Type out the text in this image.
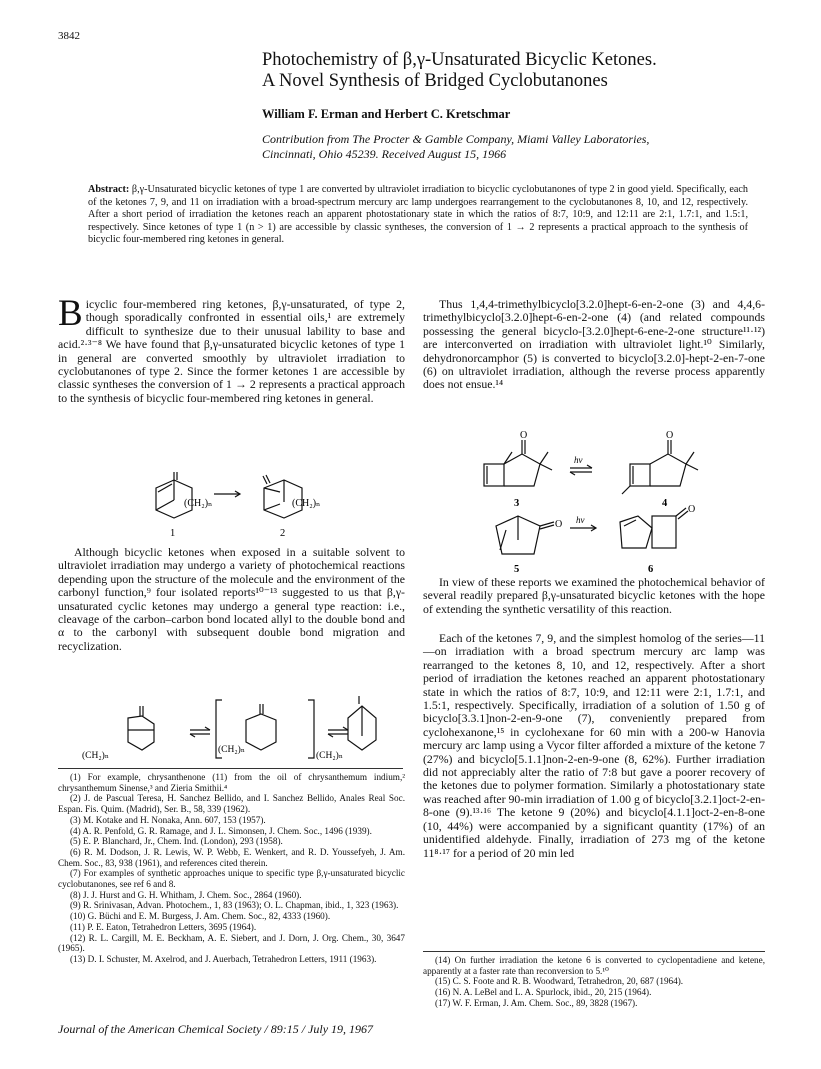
3842
Photochemistry of β,γ-Unsaturated Bicyclic Ketones.
A Novel Synthesis of Bridged Cyclobutanones
William F. Erman and Herbert C. Kretschmar
Contribution from The Procter & Gamble Company, Miami Valley Laboratories,
Cincinnati, Ohio 45239. Received August 15, 1966
Abstract: β,γ-Unsaturated bicyclic ketones of type 1 are converted by ultraviolet irradiation to bicyclic cyclobutanones of type 2 in good yield. Specifically, each of the ketones 7, 9, and 11 on irradiation with a broad-spectrum mercury arc lamp undergoes rearrangement to the cyclobutanones 8, 10, and 12, respectively. After a short period of irradiation the ketones reach an apparent photostationary state in which the ratios of 8:7, 10:9, and 12:11 are 2:1, 1.7:1, and 1.5:1, respectively. Since ketones of type 1 (n > 1) are accessible by classic syntheses, the conversion of 1 → 2 represents a practical approach to the synthesis of bicyclic four-membered ring ketones in general.
Bicyclic four-membered ring ketones, β,γ-unsaturated, of type 2, though sporadically confronted in essential oils,¹ are extremely difficult to synthesize due to their unusual lability to base and acid.²·³⁻⁸ We have found that β,γ-unsaturated bicyclic ketones of type 1 in general are converted smoothly by ultraviolet irradiation to cyclobutanones of type 2. Since the former ketones 1 are accessible by classic syntheses the conversion of 1 → 2 represents a practical approach to the synthesis of bicyclic four-membered ring ketones in general.
(CH₂)ₙ	(CH₂)ₙ
1	2
Although bicyclic ketones when exposed in a suitable solvent to ultraviolet irradiation may undergo a variety of photochemical reactions depending upon the structure of the molecule and the environment of the carbonyl function,⁹ four isolated reports¹⁰⁻¹³ suggested to us that β,γ-unsaturated cyclic ketones may undergo a general type reaction: i.e., cleavage of the carbon–carbon bond located allyl to the double bond and α to the carbonyl with subsequent double bond migration and recyclization.
(CH₂)ₙ
(CH₂)ₙ
(CH₂)ₙ

(1) For example, chrysanthenone (11) from the oil of chrysanthemum indium,² chrysanthemum Sinense,³ and Zieria Smithii.⁴

(2) J. de Pascual Teresa, H. Sanchez Bellido, and I. Sanchez Bellido, Anales Real Soc. Espan. Fis. Quim. (Madrid), Ser. B., 58, 339 (1962).

(3) M. Kotake and H. Nonaka, Ann. 607, 153 (1957).

(4) A. R. Penfold, G. R. Ramage, and J. L. Simonsen, J. Chem. Soc., 1496 (1939).

(5) E. P. Blanchard, Jr., Chem. Ind. (London), 293 (1958).

(6) R. M. Dodson, J. R. Lewis, W. P. Webb, E. Wenkert, and R. D. Youssefyeh, J. Am. Chem. Soc., 83, 938 (1961), and references cited therein.

(7) For examples of synthetic approaches unique to specific type β,γ-unsaturated bicyclic cyclobutanones, see ref 6 and 8.

(8) J. J. Hurst and G. H. Whitham, J. Chem. Soc., 2864 (1960).

(9) R. Srinivasan, Advan. Photochem., 1, 83 (1963); O. L. Chapman, ibid., 1, 323 (1963).

(10) G. Büchi and E. M. Burgess, J. Am. Chem. Soc., 82, 4333 (1960).

(11) P. E. Eaton, Tetrahedron Letters, 3695 (1964).

(12) R. L. Cargill, M. E. Beckham, A. E. Siebert, and J. Dorn, J. Org. Chem., 30, 3647 (1965).

(13) D. I. Schuster, M. Axelrod, and J. Auerbach, Tetrahedron Letters, 1911 (1963).

Thus 1,4,4-trimethylbicyclo[3.2.0]hept-6-en-2-one (3) and 4,4,6-trimethylbicyclo[3.2.0]hept-6-en-2-one (4) (and related compounds possessing the general bicyclo-[3.2.0]hept-6-ene-2-one structure¹¹·¹²) are interconverted on irradiation with ultraviolet light.¹⁰ Similarly, dehydronorcamphor (5) is converted to bicyclo[3.2.0]-hept-2-en-7-one (6) on ultraviolet irradiation, although the reverse process apparently does not ensue.¹⁴
O	O
O
O
hν
hν
3	4
5	6
In view of these reports we examined the photochemical behavior of several readily prepared β,γ-unsaturated bicyclic ketones with the hope of extending the synthetic versatility of this reaction.
Each of the ketones 7, 9, and the simplest homolog of the series—11—on irradiation with a broad spectrum mercury arc lamp was rearranged to the ketones 8, 10, and 12, respectively. After a short period of irradiation the ketones reached an apparent photostationary state in which the ratios of 8:7, 10:9, and 12:11 were 2:1, 1.7:1, and 1.5:1, respectively. Specifically, irradiation of a solution of 1.50 g of bicyclo[3.3.1]non-2-en-9-one (7), conveniently prepared from cyclohexanone,¹⁵ in cyclohexane for 60 min with a 200-w Hanovia mercury arc lamp using a Vycor filter afforded a mixture of the ketone 7 (27%) and bicyclo[5.1.1]non-2-en-9-one (8, 62%). Further irradiation did not appreciably alter the ratio of 7:8 but gave a poorer recovery of the ketones due to polymer formation. Similarly a photostationary state was reached after 90-min irradiation of 1.00 g of bicyclo[3.2.1]oct-2-en-8-one (9).¹³·¹⁶ The ketone 9 (20%) and bicyclo[4.1.1]oct-2-en-8-one (10, 44%) were accompanied by a significant quantity (17%) of an unidentified aldehyde. Finally, irradiation of 273 mg of the ketone 11⁸·¹⁷ for a period of 20 min led

(14) On further irradiation the ketone 6 is converted to cyclopentadiene and ketene, apparently at a faster rate than reconversion to 5.¹⁰

(15) C. S. Foote and R. B. Woodward, Tetrahedron, 20, 687 (1964).

(16) N. A. LeBel and L. A. Spurlock, ibid., 20, 215 (1964).

(17) W. F. Erman, J. Am. Chem. Soc., 89, 3828 (1967).

Journal of the American Chemical Society / 89:15 / July 19, 1967
